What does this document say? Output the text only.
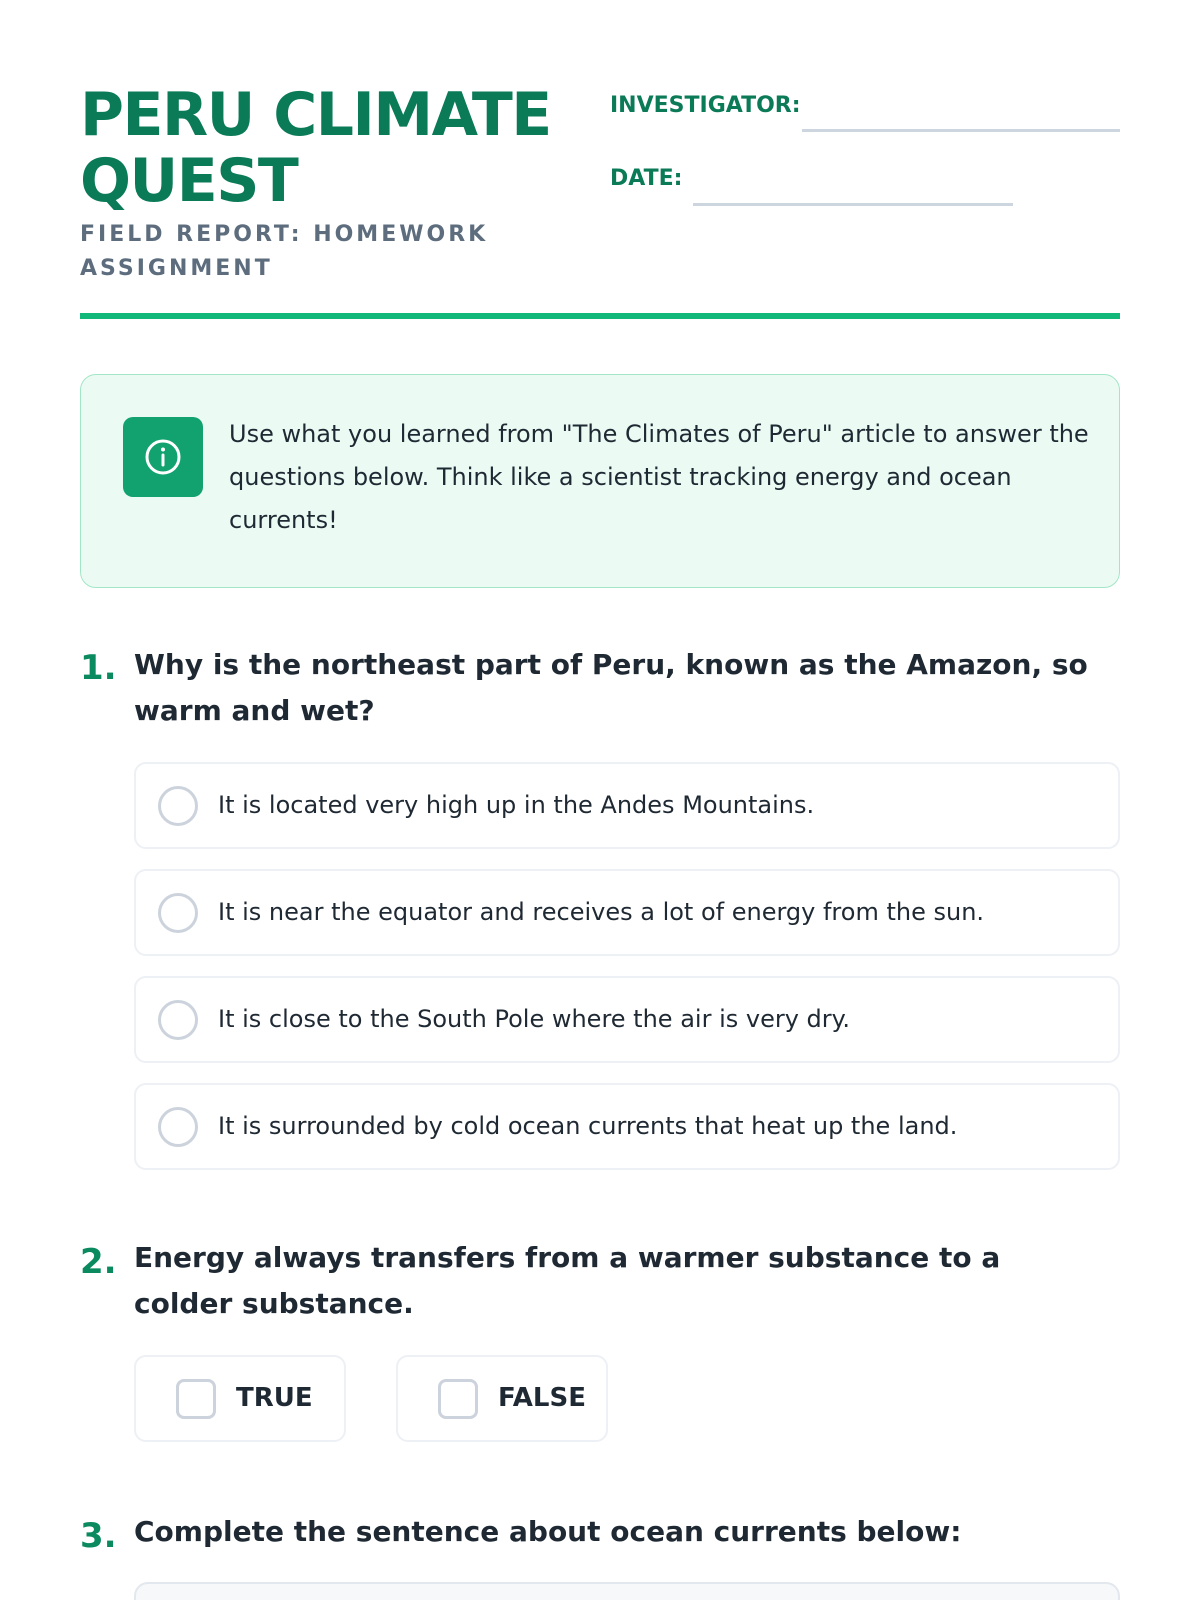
PERU CLIMATE QUEST
FIELD REPORT: HOMEWORK ASSIGNMENT
INVESTIGATOR:
DATE:
Use what you learned from "The Climates of Peru" article to answer the questions below. Think like a scientist tracking energy and ocean currents!
1. Why is the northeast part of Peru, known as the Amazon, so warm and wet?
It is located very high up in the Andes Mountains.
It is near the equator and receives a lot of energy from the sun.
It is close to the South Pole where the air is very dry.
It is surrounded by cold ocean currents that heat up the land.
2. Energy always transfers from a warmer substance to a colder substance.
TRUE	FALSE
3. Complete the sentence about ocean currents below:
